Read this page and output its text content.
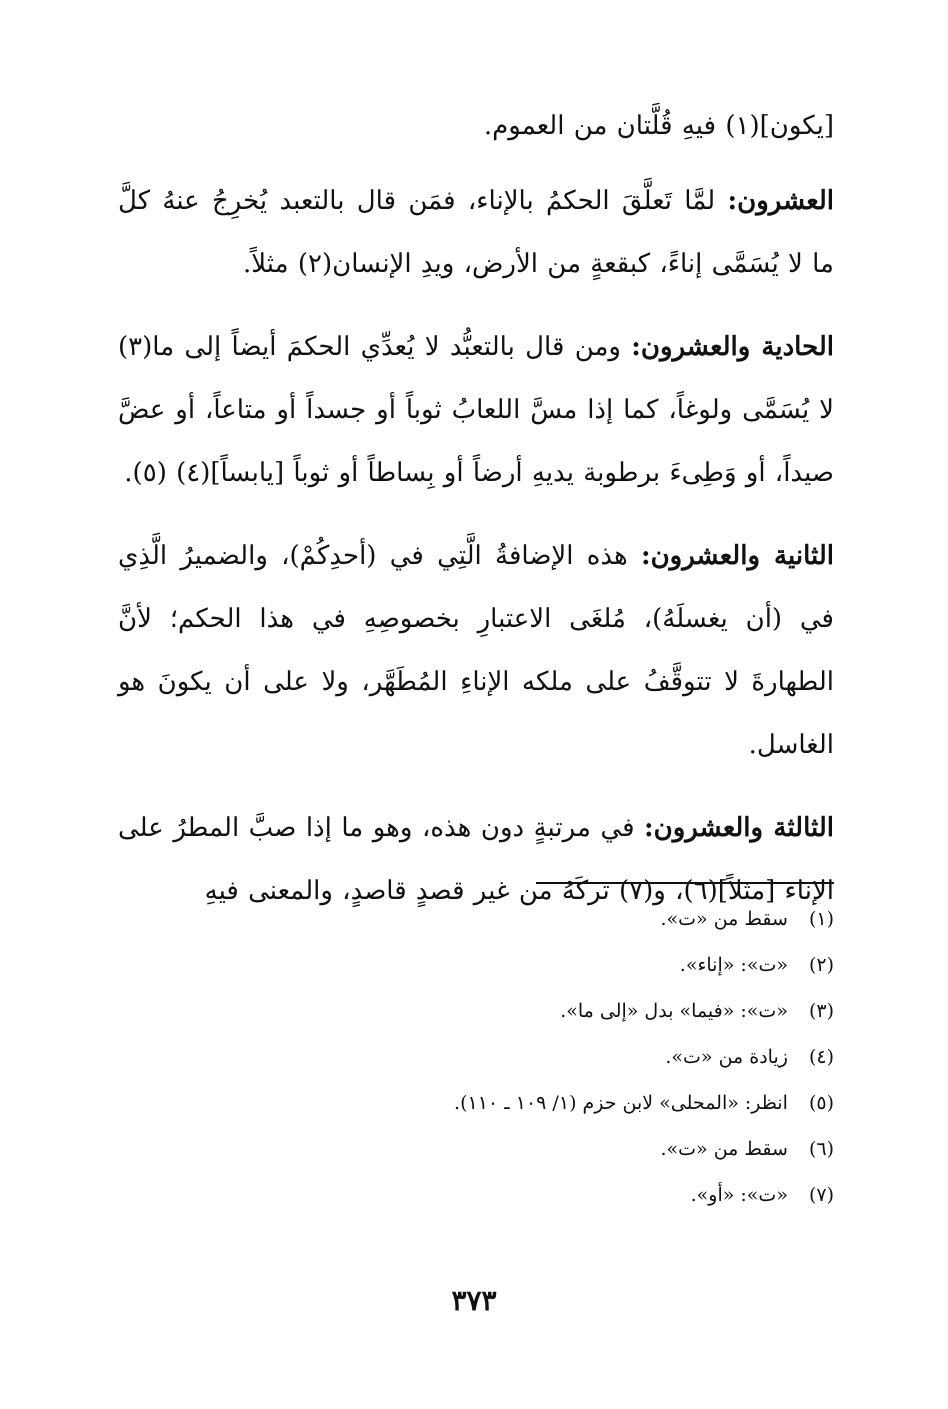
[يكون](١) فيهِ قُلَّتان من العموم.

العشرون: لمَّا تَعلَّقَ الحكمُ بالإناء، فمَن قال بالتعبد يُخرِجُ عنهُ كلَّ ما لا يُسَمَّى إناءً، كبقعةٍ من الأرض، ويدِ الإنسان(٢) مثلاً.

الحادية والعشرون: ومن قال بالتعبُّد لا يُعدِّي الحكمَ أيضاً إلى ما(٣) لا يُسَمَّى ولوغاً، كما إذا مسَّ اللعابُ ثوباً أو جسداً أو متاعاً، أو عضَّ صيداً، أو وَطِىءَ برطوبة يديهِ أرضاً أو بِساطاً أو ثوباً [يابساً](٤) (٥).

الثانية والعشرون: هذه الإضافةُ الَّتِي في (أحدِكُمْ)، والضميرُ الَّذِي في (أن يغسلَهُ)، مُلغَى الاعتبارِ بخصوصِهِ في هذا الحكم؛ لأنَّ الطهارةَ لا تتوقَّفُ على ملكه الإناءِ المُطَهَّر، ولا على أن يكونَ هو الغاسل.

الثالثة والعشرون: في مرتبةٍ دون هذه، وهو ما إذا صبَّ المطرُ على الإناء [مثلاً](٦)، و(٧) تركَهُ من غير قصدٍ قاصدٍ، والمعنى فيهِ

(١) سقط من «ت».
(٢) «ت»: «إناء».
(٣) «ت»: «فيما» بدل «إلى ما».
(٤) زيادة من «ت».
(٥) انظر: «المحلى» لابن حزم (١/ ١٠٩ ـ ١١٠).
(٦) سقط من «ت».
(٧) «ت»: «أو».
٣٧٣
